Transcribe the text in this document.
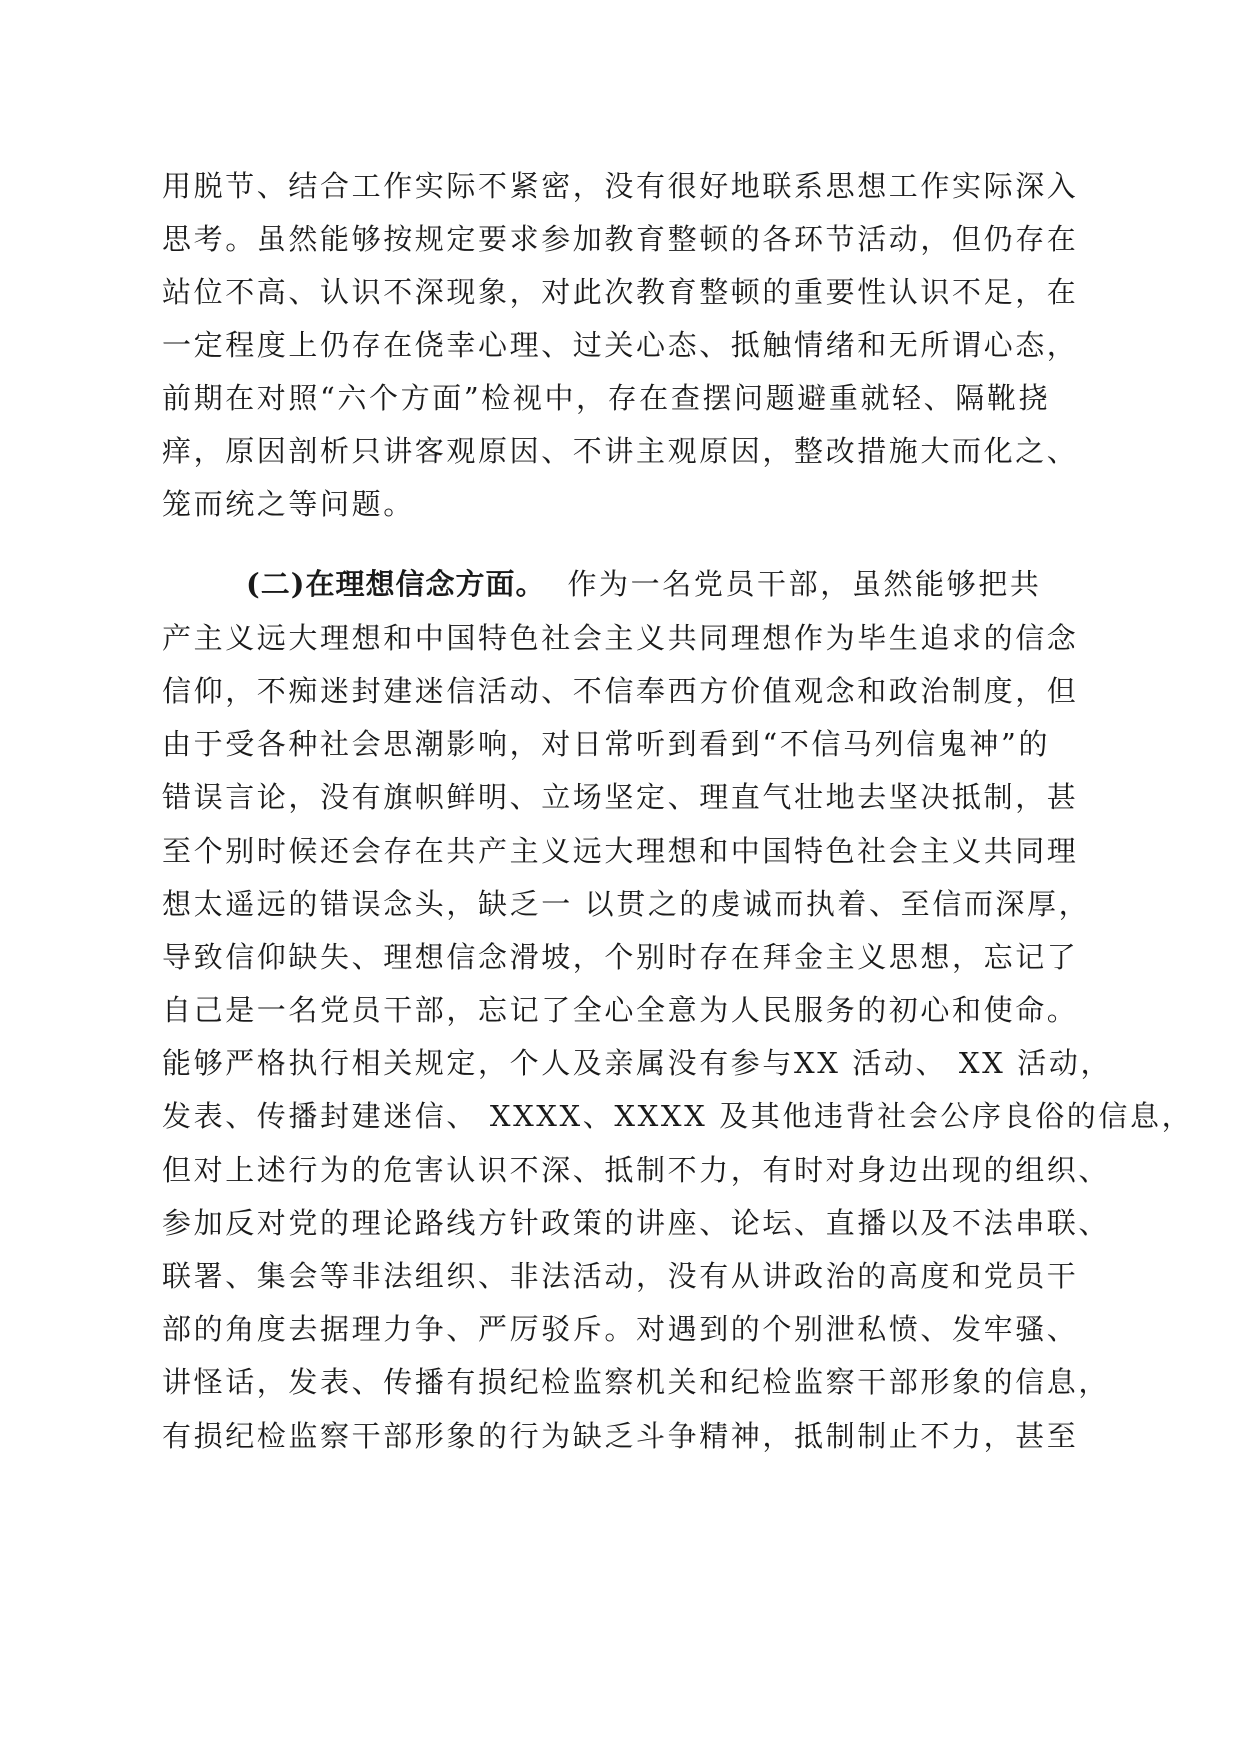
用脱节、结合工作实际不紧密，没有很好地联系思想工作实际深入
思考。虽然能够按规定要求参加教育整顿的各环节活动，但仍存在
站位不高、认识不深现象，对此次教育整顿的重要性认识不足，在
一定程度上仍存在侥幸心理、过关心态、抵触情绪和无所谓心态，
前期在对照“六个方面”检视中，存在查摆问题避重就轻、隔靴挠
痒，原因剖析只讲客观原因、不讲主观原因，整改措施大而化之、
笼而统之等问题。
(二)在理想信念方面。 作为一名党员干部，虽然能够把共
产主义远大理想和中国特色社会主义共同理想作为毕生追求的信念
信仰，不痴迷封建迷信活动、不信奉西方价值观念和政治制度，但
由于受各种社会思潮影响，对日常听到看到“不信马列信鬼神”的
错误言论，没有旗帜鲜明、立场坚定、理直气壮地去坚决抵制，甚
至个别时候还会存在共产主义远大理想和中国特色社会主义共同理
想太遥远的错误念头，缺乏一 以贯之的虔诚而执着、至信而深厚，
导致信仰缺失、理想信念滑坡，个别时存在拜金主义思想，忘记了
自己是一名党员干部，忘记了全心全意为人民服务的初心和使命。
能够严格执行相关规定，个人及亲属没有参与XX 活动、 XX 活动，
发表、传播封建迷信、 XXXX、XXXX 及其他违背社会公序良俗的信息，
但对上述行为的危害认识不深、抵制不力，有时对身边出现的组织、
参加反对党的理论路线方针政策的讲座、论坛、直播以及不法串联、
联署、集会等非法组织、非法活动，没有从讲政治的高度和党员干
部的角度去据理力争、严厉驳斥。对遇到的个别泄私愤、发牢骚、
讲怪话，发表、传播有损纪检监察机关和纪检监察干部形象的信息，
有损纪检监察干部形象的行为缺乏斗争精神，抵制制止不力，甚至
